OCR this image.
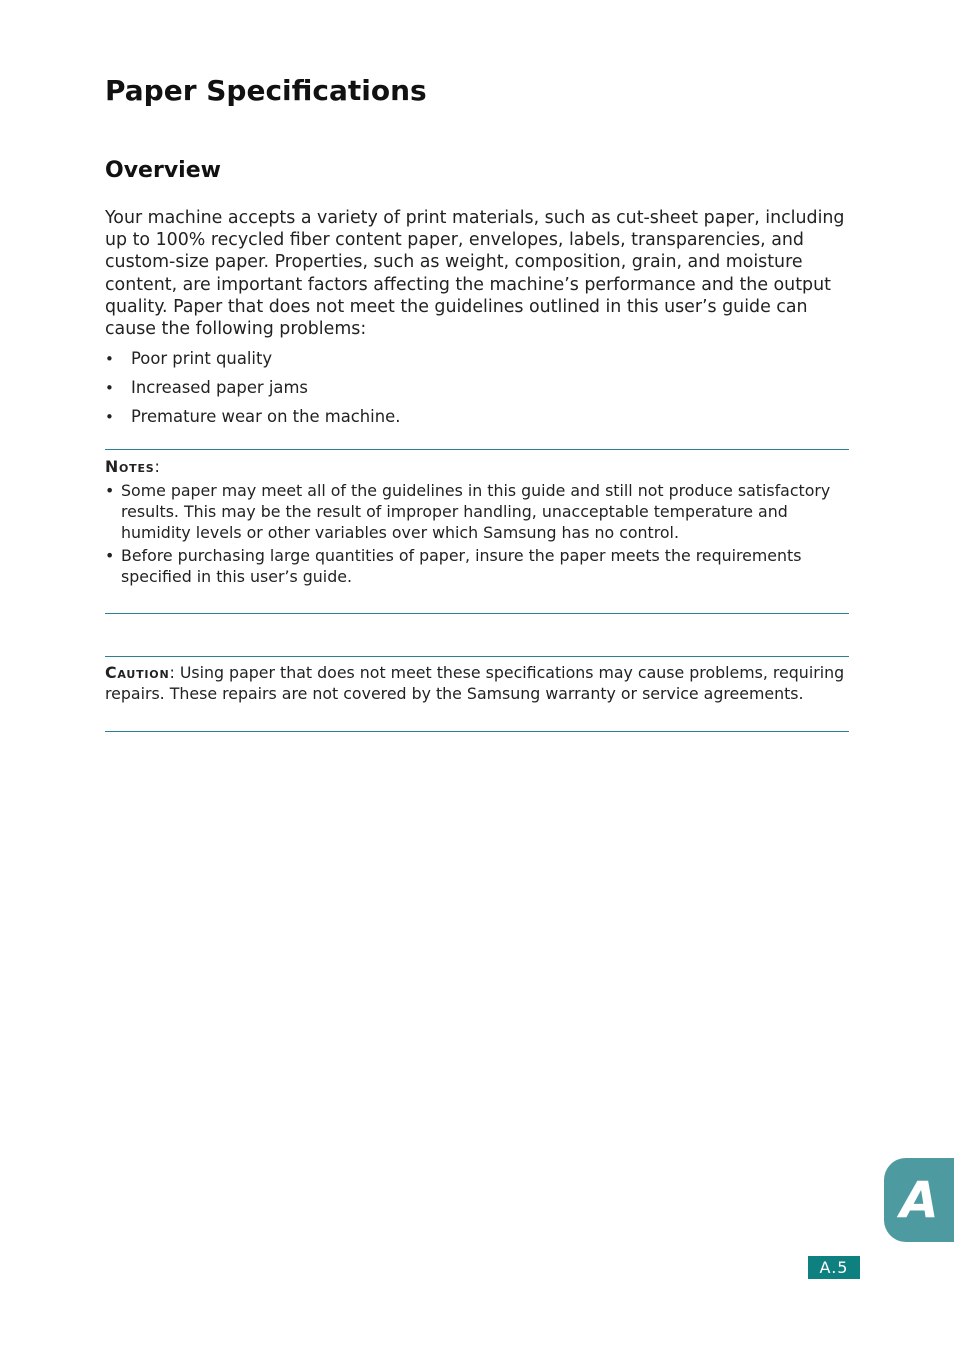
Paper Specifications
Overview

Your machine accepts a variety of print materials, such as cut-sheet paper, including up to 100% recycled fiber content paper, envelopes, labels, transparencies, and custom-size paper. Properties, such as weight, composition, grain, and moisture content, are important factors affecting the machine’s performance and the output quality. Paper that does not meet the guidelines outlined in this user’s guide can cause the following problems:

• Poor print quality
• Increased paper jams
• Premature wear on the machine.
Notes:
• Some paper may meet all of the guidelines in this guide and still not produce satisfactory results. This may be the result of improper handling, unacceptable temperature and humidity levels or other variables over which Samsung has no control.
• Before purchasing large quantities of paper, insure the paper meets the requirements specified in this user’s guide.

Caution: Using paper that does not meet these specifications may cause problems, requiring repairs. These repairs are not covered by the Samsung warranty or service agreements.

A
A.5
